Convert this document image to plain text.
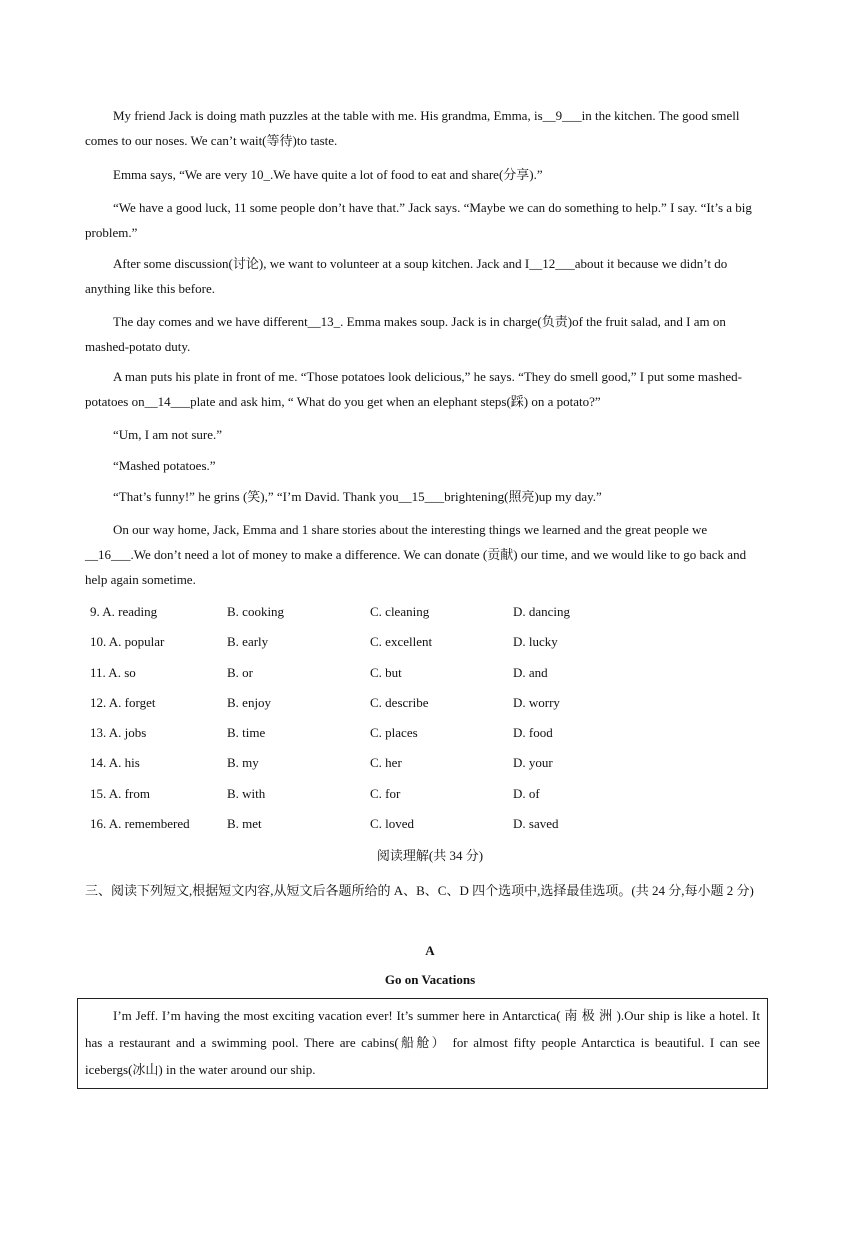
My friend Jack is doing math puzzles at the table with me. His grandma, Emma, is__9___in the kitchen. The good smell comes to our noses. We can’t wait(等待)to taste.

Emma says, “We are very 10_.We have quite a lot of food to eat and share(分享).”

“We have a good luck, 11 some people don’t have that.” Jack says. “Maybe we can do something to help.” I say. “It’s a big problem.”

After some discussion(讨论), we want to volunteer at a soup kitchen. Jack and I__12___about it because we didn’t do anything like this before.

The day comes and we have different__13_. Emma makes soup. Jack is in charge(负责)of the fruit salad, and I am on mashed-potato duty.

A man puts his plate in front of me. “Those potatoes look delicious,” he says. “They do smell good,” I put some mashed-potatoes on__14___plate and ask him, “ What do you get when an elephant steps(踩) on a potato?”

“Um, I am not sure.”

“Mashed potatoes.”

“That’s funny!” he grins (笑),” “I’m David. Thank you__15___brightening(照亮)up my day.”

On our way home, Jack, Emma and 1 share stories about the interesting things we learned and the great people we __16___.We don’t need a lot of money to make a difference. We can donate (贡献) our time, and we would like to go back and help again sometime.

9. A. reading	B. cooking	C. cleaning	D. dancing
10. A. popular	B. early	C. excellent	D. lucky
11. A. so	B. or	C. but	D. and
12. A. forget	B. enjoy	C. describe	D. worry
13. A. jobs	B. time	C. places	D. food
14. A. his	B. my	C. her	D. your
15. A. from	B. with	C. for	D. of
16. A. remembered	B. met	C. loved	D. saved
阅读理解(共 34 分)
三、阅读下列短文,根据短文内容,从短文后各题所给的 A、B、C、D 四个选项中,选择最佳选项。(共 24 分,每小题 2 分)
A
Go on Vacations
I’m Jeff. I’m having the most exciting vacation ever! It’s summer here in Antarctica( 南 极 洲 ).Our ship is like a hotel. It has a restaurant and a swimming pool. There are cabins(船舱） for almost fifty people Antarctica is beautiful. I can see icebergs(冰山) in the water around our ship.
